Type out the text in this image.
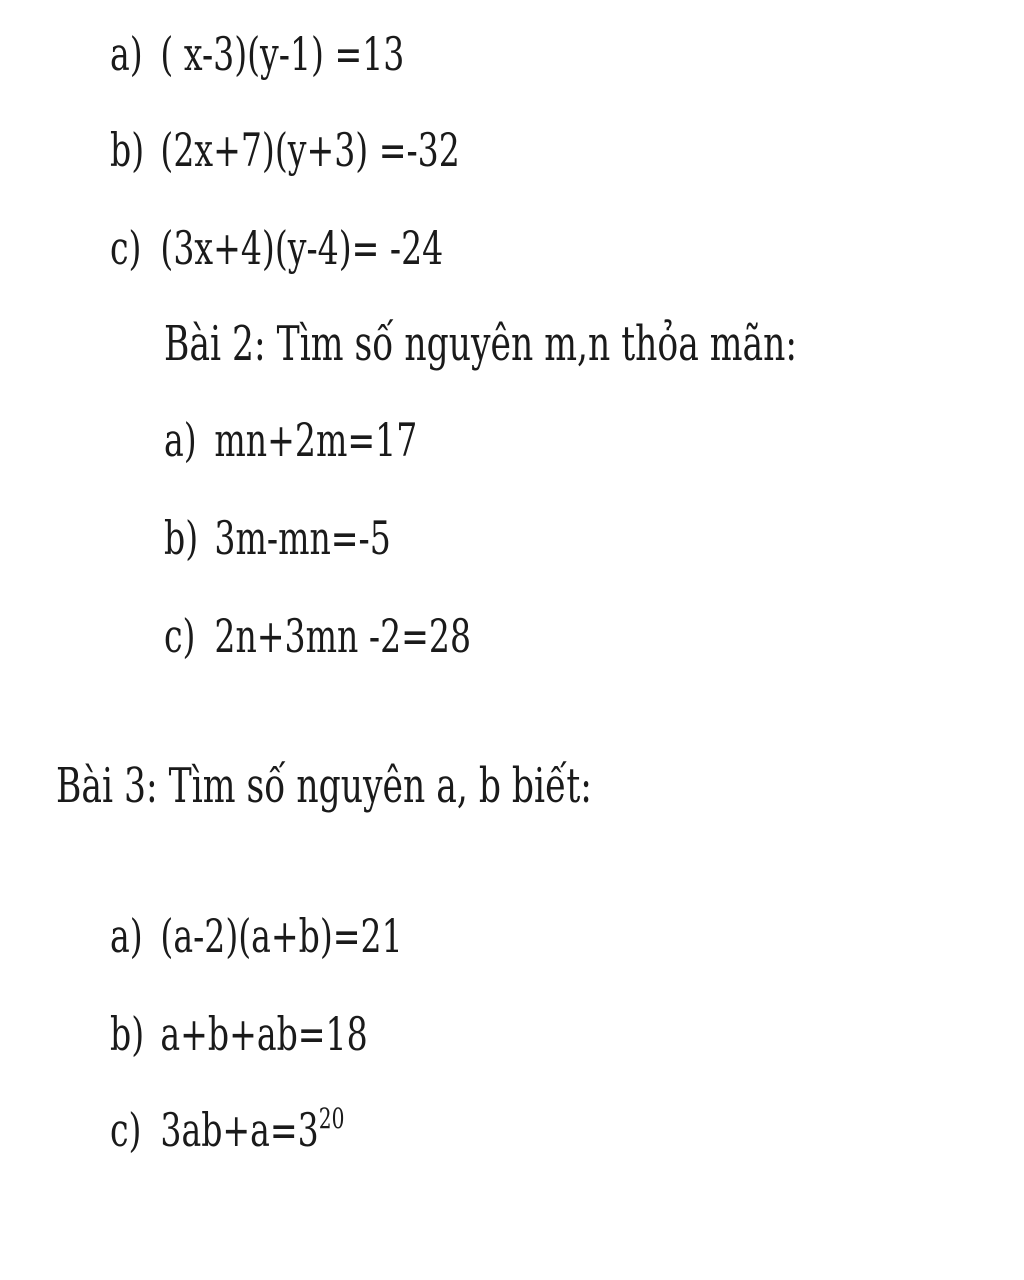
a) ( x-3)(y-1) =13
b) (2x+7)(y+3) =-32
c) (3x+4)(y-4)= -24
Bài 2: Tìm số nguyên m,n thỏa mãn:
a) mn+2m=17
b) 3m-mn=-5
c) 2n+3mn -2=28
Bài 3: Tìm số nguyên a, b biết:
a) (a-2)(a+b)=21
b) a+b+ab=18
c) $3ab+a=3^{20}$
